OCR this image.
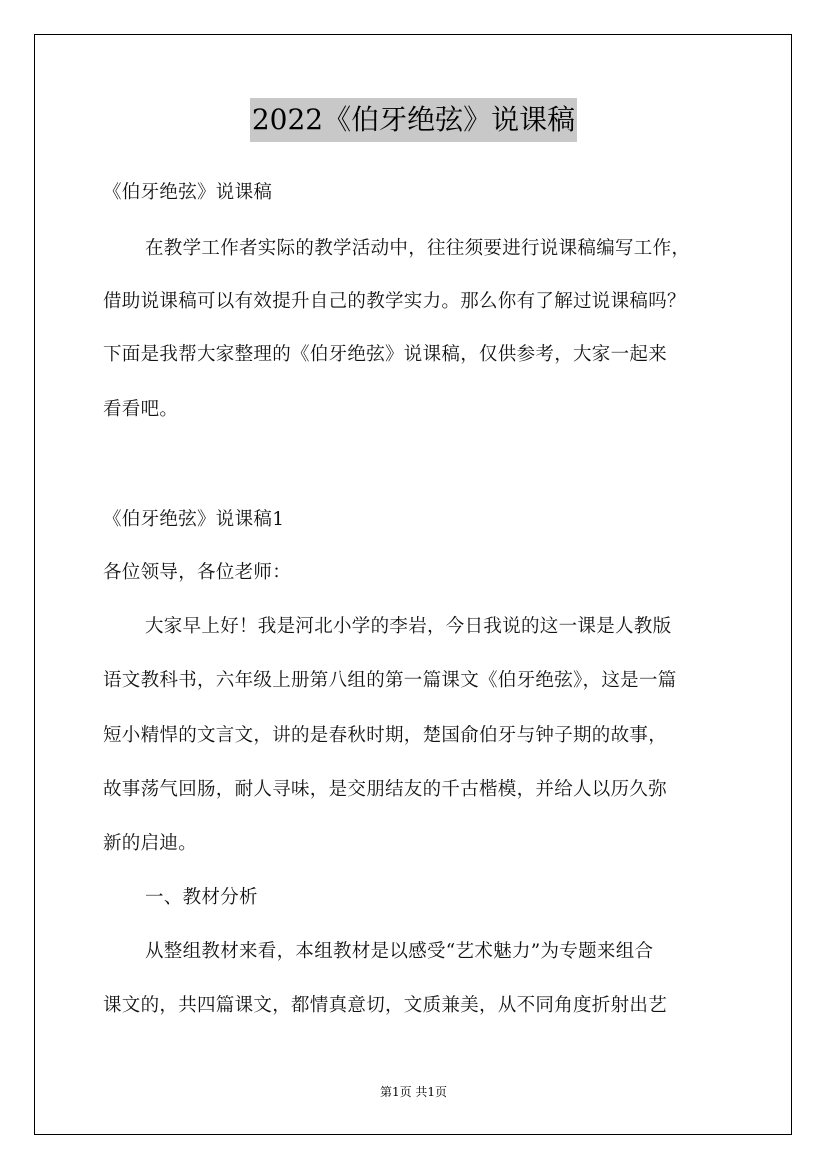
2022《伯牙绝弦》说课稿
《伯牙绝弦》说课稿
在教学工作者实际的教学活动中，往往须要进行说课稿编写工作，
借助说课稿可以有效提升自己的教学实力。那么你有了解过说课稿吗？
下面是我帮大家整理的《伯牙绝弦》说课稿，仅供参考，大家一起来
看看吧。
《伯牙绝弦》说课稿1
各位领导，各位老师：
大家早上好！我是河北小学的李岩，今日我说的这一课是人教版
语文教科书，六年级上册第八组的第一篇课文《伯牙绝弦》，这是一篇
短小精悍的文言文，讲的是春秋时期，楚国俞伯牙与钟子期的故事，
故事荡气回肠，耐人寻味，是交朋结友的千古楷模，并给人以历久弥
新的启迪。
一、教材分析
从整组教材来看，本组教材是以感受“艺术魅力”为专题来组合
课文的，共四篇课文，都情真意切，文质兼美，从不同角度折射出艺
第1页 共1页
